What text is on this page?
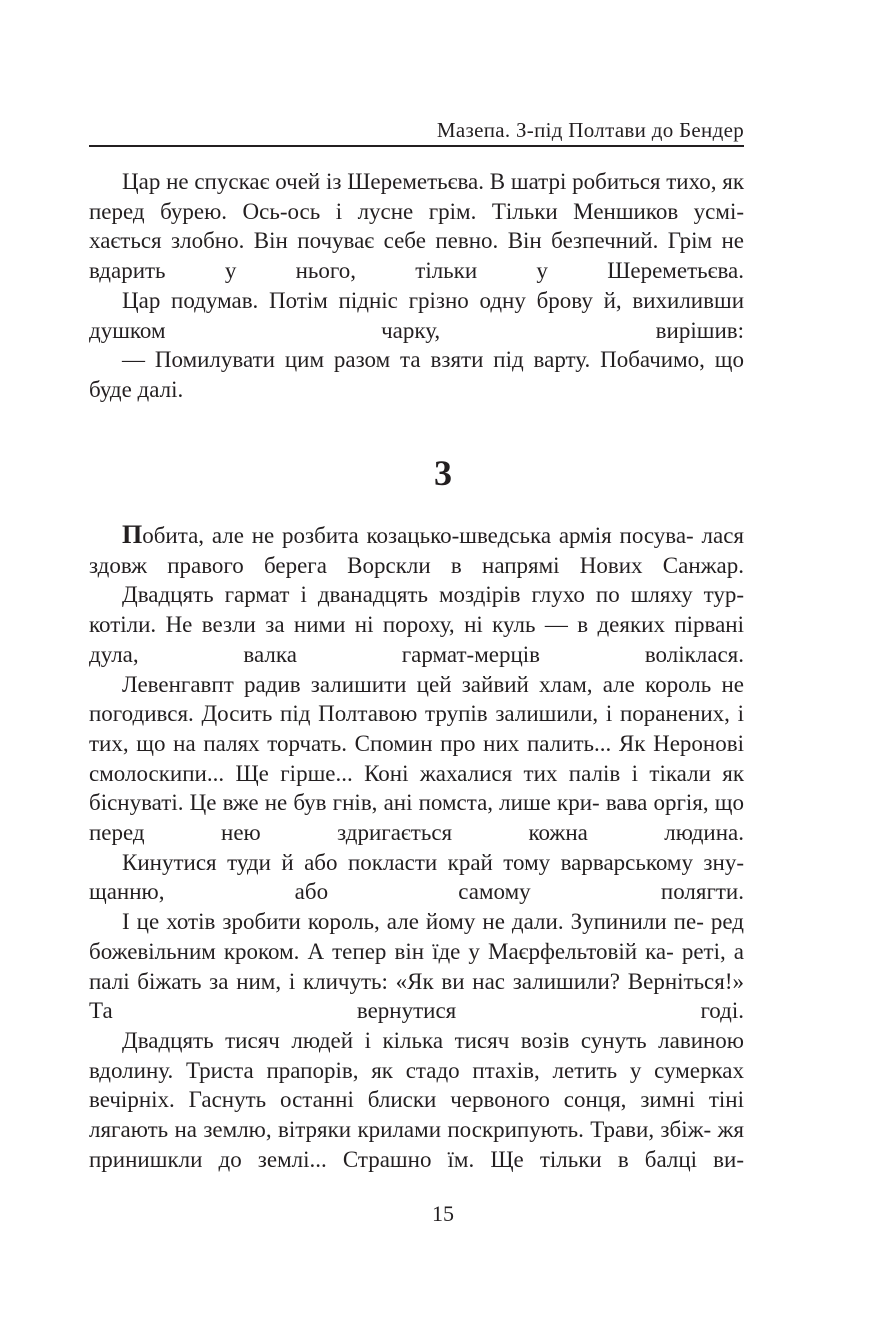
Мазепа. З-під Полтави до Бендер

Цар не спускає очей із Шереметьєва. В шатрі робиться тихо, як перед бурею. Ось-ось і лусне грім. Тільки Меншиков усмі- хається злобно. Він почуває себе певно. Він безпечний. Грім не вдарить у нього, тільки у Шереметьєва.

Цар подумав. Потім підніс грізно одну брову й, вихиливши душком чарку, вирішив:

— Помилувати цим разом та взяти під варту. Побачимо, що буде далі.

3

Побита, але не розбита козацько-шведська армія посува- лася здовж правого берега Ворскли в напрямі Нових Санжар.

Двадцять гармат і дванадцять моздірів глухо по шляху тур- котіли. Не везли за ними ні пороху, ні куль — в деяких пірвані дула, валка гармат-мерців воліклася.

Левенгавпт радив залишити цей зайвий хлам, але король не погодився. Досить під Полтавою трупів залишили, і поранених, і тих, що на палях торчать. Спомин про них палить... Як Нероновi смолоскипи... Ще гірше... Коні жахалися тих палів і тікали як біснуваті. Це вже не був гнів, ані помста, лише кри- вава оргія, що перед нею здригається кожна людина.

Кинутися туди й або покласти край тому варварському зну- щанню, або самому полягти.

І це хотів зробити король, але йому не дали. Зупинили пе- ред божевільним кроком. А тепер він їде у Маєрфельтовій ка- реті, а палі біжать за ним, і кличуть: «Як ви нас залишили? Верніться!» Та вернутися годі.

Двадцять тисяч людей і кілька тисяч возів сунуть лавиною вдолину. Триста прапорів, як стадо птахів, летить у сумерках вечірніх. Гаснуть останні блиски червоного сонця, зимні тіні лягають на землю, вітряки крилами поскрипують. Трави, збіж- жя принишкли до землі... Страшно їм. Ще тільки в балці ви-

15
